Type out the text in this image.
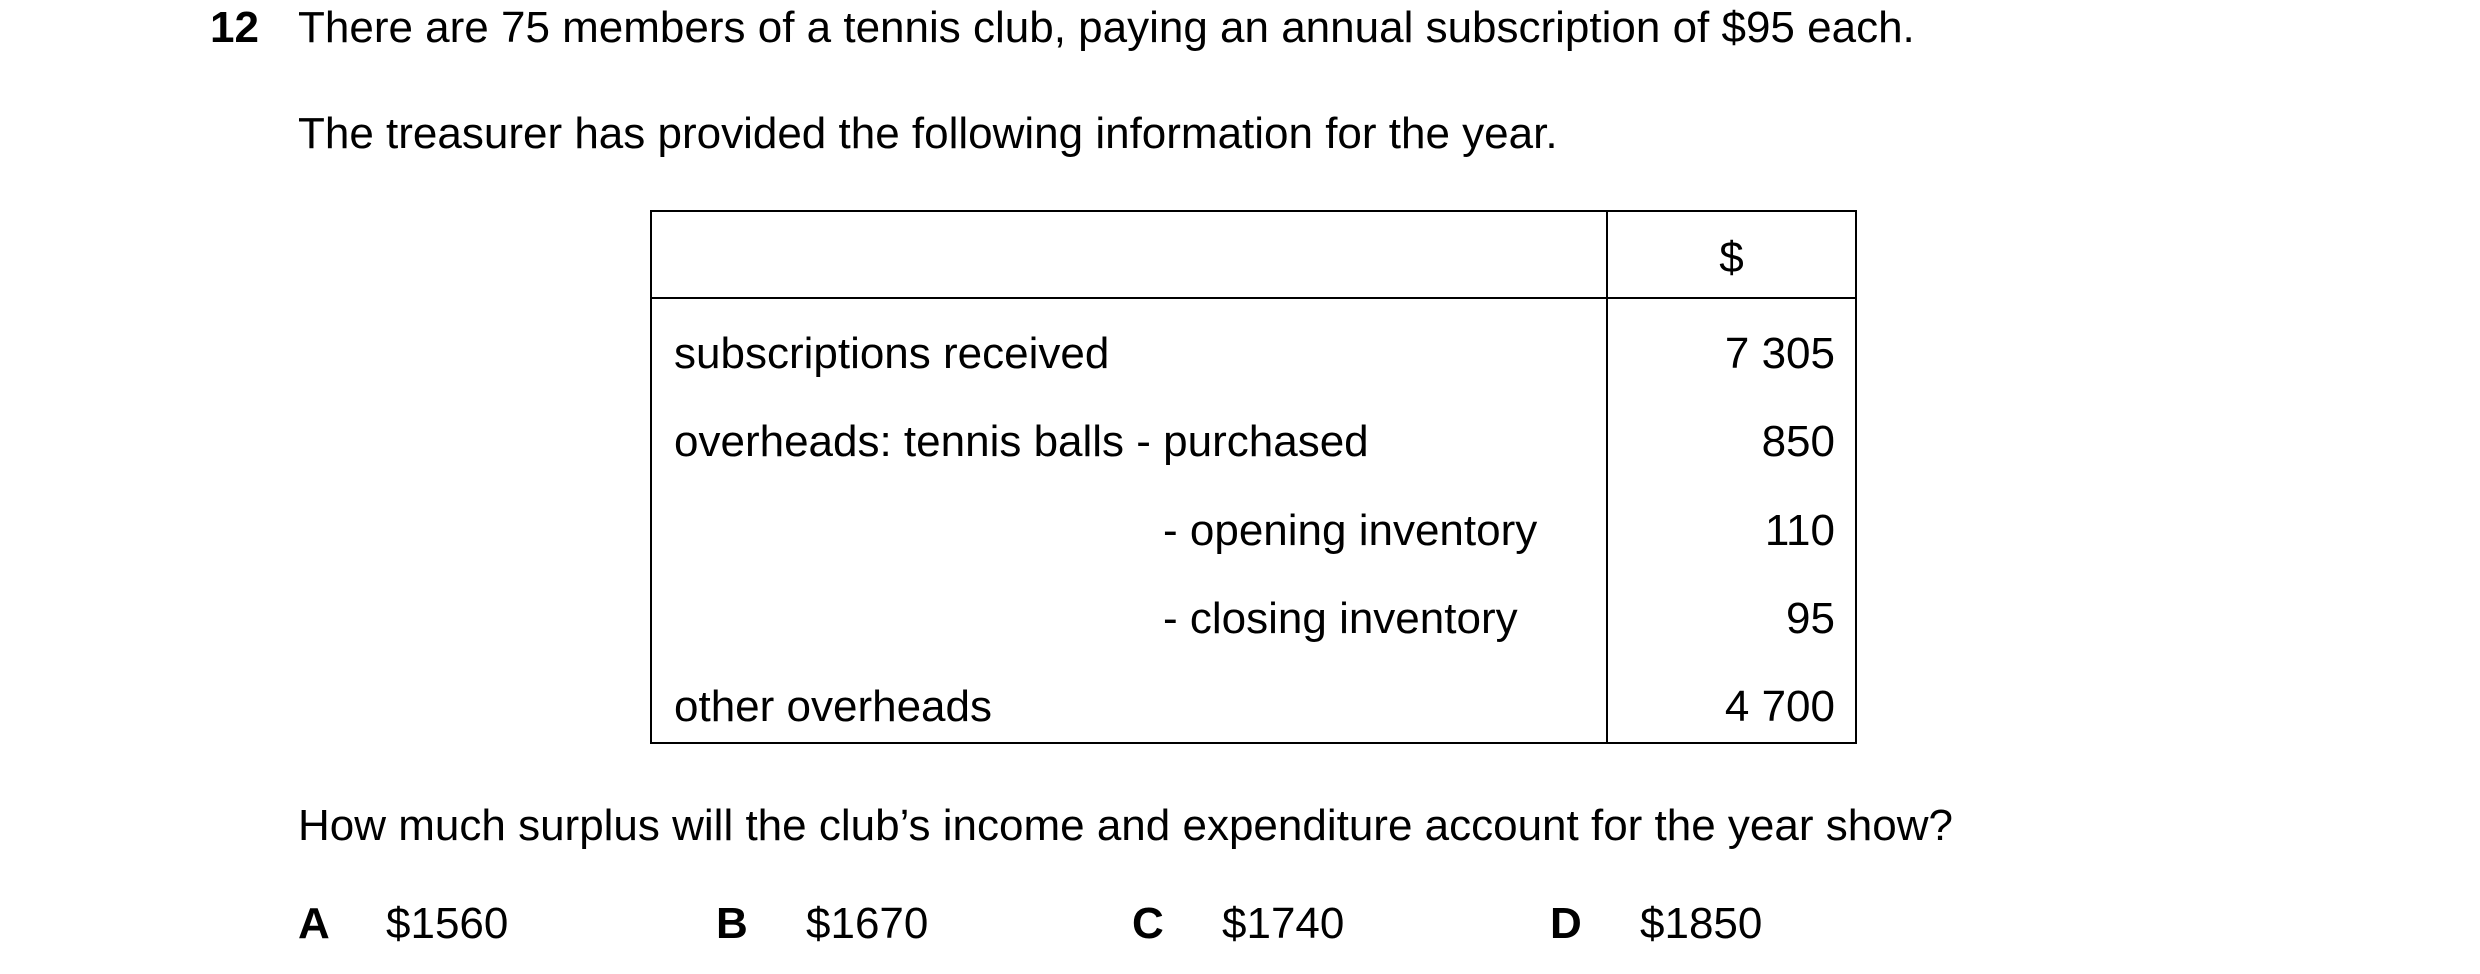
12 There are 75 members of a tennis club, paying an annual subscription of $95 each.
The treasurer has provided the following information for the year.
$
subscriptions received	7 305
overheads: tennis balls - purchased	850
- opening inventory	110
- closing inventory	95
other overheads	4 700
How much surplus will the club’s income and expenditure account for the year show?
A $1560	B $1670	C $1740	D $1850
